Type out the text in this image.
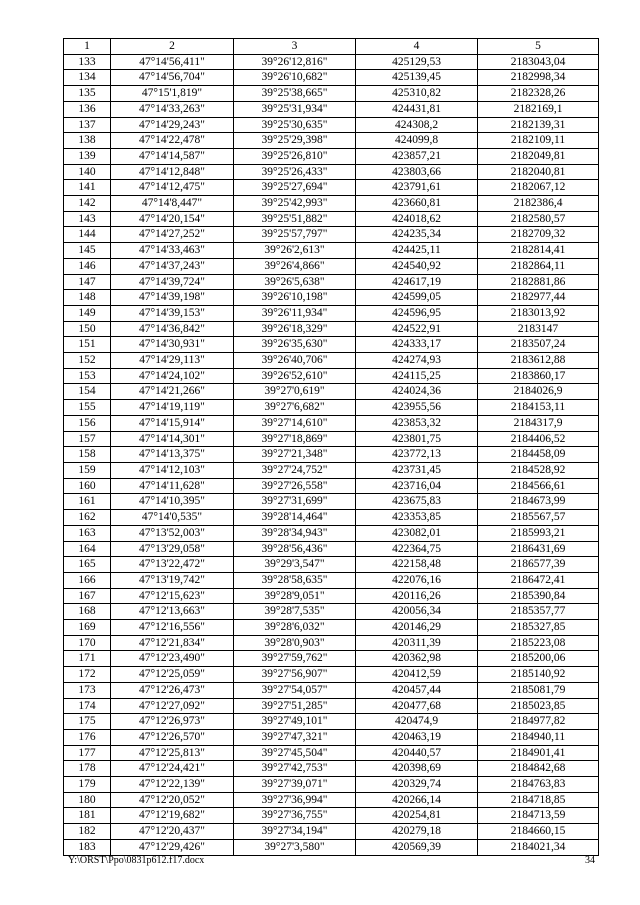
1	2	3	4	5
133	47°14'56,411"	39°26'12,816"	425129,53	2183043,04
134	47°14'56,704"	39°26'10,682"	425139,45	2182998,34
135	47°15'1,819"	39°25'38,665"	425310,82	2182328,26
136	47°14'33,263"	39°25'31,934"	424431,81	2182169,1
137	47°14'29,243"	39°25'30,635"	424308,2	2182139,31
138	47°14'22,478"	39°25'29,398"	424099,8	2182109,11
139	47°14'14,587"	39°25'26,810"	423857,21	2182049,81
140	47°14'12,848"	39°25'26,433"	423803,66	2182040,81
141	47°14'12,475"	39°25'27,694"	423791,61	2182067,12
142	47°14'8,447"	39°25'42,993"	423660,81	2182386,4
143	47°14'20,154"	39°25'51,882"	424018,62	2182580,57
144	47°14'27,252"	39°25'57,797"	424235,34	2182709,32
145	47°14'33,463"	39°26'2,613"	424425,11	2182814,41
146	47°14'37,243"	39°26'4,866"	424540,92	2182864,11
147	47°14'39,724"	39°26'5,638"	424617,19	2182881,86
148	47°14'39,198"	39°26'10,198"	424599,05	2182977,44
149	47°14'39,153"	39°26'11,934"	424596,95	2183013,92
150	47°14'36,842"	39°26'18,329"	424522,91	2183147
151	47°14'30,931"	39°26'35,630"	424333,17	2183507,24
152	47°14'29,113"	39°26'40,706"	424274,93	2183612,88
153	47°14'24,102"	39°26'52,610"	424115,25	2183860,17
154	47°14'21,266"	39°27'0,619"	424024,36	2184026,9
155	47°14'19,119"	39°27'6,682"	423955,56	2184153,11
156	47°14'15,914"	39°27'14,610"	423853,32	2184317,9
157	47°14'14,301"	39°27'18,869"	423801,75	2184406,52
158	47°14'13,375"	39°27'21,348"	423772,13	2184458,09
159	47°14'12,103"	39°27'24,752"	423731,45	2184528,92
160	47°14'11,628"	39°27'26,558"	423716,04	2184566,61
161	47°14'10,395"	39°27'31,699"	423675,83	2184673,99
162	47°14'0,535"	39°28'14,464"	423353,85	2185567,57
163	47°13'52,003"	39°28'34,943"	423082,01	2185993,21
164	47°13'29,058"	39°28'56,436"	422364,75	2186431,69
165	47°13'22,472"	39°29'3,547"	422158,48	2186577,39
166	47°13'19,742"	39°28'58,635"	422076,16	2186472,41
167	47°12'15,623"	39°28'9,051"	420116,26	2185390,84
168	47°12'13,663"	39°28'7,535"	420056,34	2185357,77
169	47°12'16,556"	39°28'6,032"	420146,29	2185327,85
170	47°12'21,834"	39°28'0,903"	420311,39	2185223,08
171	47°12'23,490"	39°27'59,762"	420362,98	2185200,06
172	47°12'25,059"	39°27'56,907"	420412,59	2185140,92
173	47°12'26,473"	39°27'54,057"	420457,44	2185081,79
174	47°12'27,092"	39°27'51,285"	420477,68	2185023,85
175	47°12'26,973"	39°27'49,101"	420474,9	2184977,82
176	47°12'26,570"	39°27'47,321"	420463,19	2184940,11
177	47°12'25,813"	39°27'45,504"	420440,57	2184901,41
178	47°12'24,421"	39°27'42,753"	420398,69	2184842,68
179	47°12'22,139"	39°27'39,071"	420329,74	2184763,83
180	47°12'20,052"	39°27'36,994"	420266,14	2184718,85
181	47°12'19,682"	39°27'36,755"	420254,81	2184713,59
182	47°12'20,437"	39°27'34,194"	420279,18	2184660,15
183	47°12'29,426"	39°27'3,580"	420569,39	2184021,34
Y:\ORST\Ppo\0831p612.f17.docx	34
